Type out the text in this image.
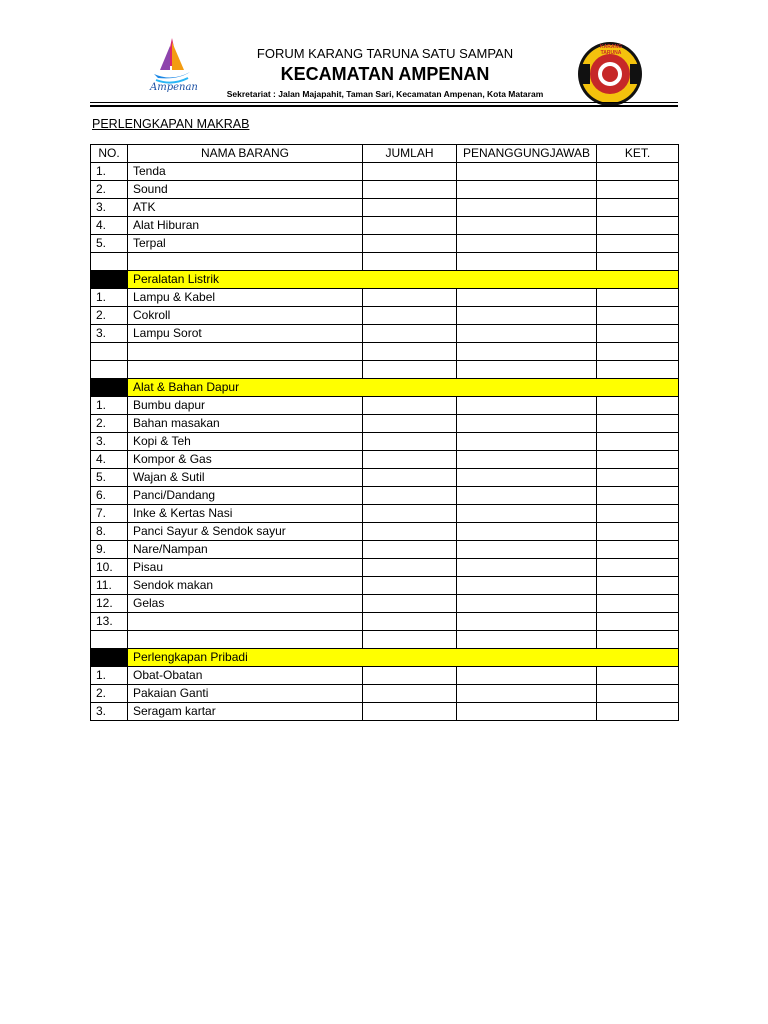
Ampenan
FORUM KARANG TARUNA SATU SAMPAN
KECAMATAN AMPENAN
Sekretariat : Jalan Majapahit, Taman Sari, Kecamatan Ampenan, Kota Mataram
KARANG TARUNA
PERLENGKAPAN MAKRAB
NO.	NAMA BARANG	JUMLAH	PENANGGUNGJAWAB	KET.
1.	Tenda			
2.	Sound			
3.	ATK			
4.	Alat Hiburan			
5.	Terpal			

	Peralatan Listrik			
1.	Lampu & Kabel			
2.	Cokroll			
3.	Lampu Sorot			

	Alat & Bahan Dapur			
1.	Bumbu dapur			
2.	Bahan masakan			
3.	Kopi & Teh			
4.	Kompor & Gas			
5.	Wajan & Sutil			
6.	Panci/Dandang			
7.	Inke & Kertas Nasi			
8.	Panci Sayur & Sendok sayur			
9.	Nare/Nampan			
10.	Pisau			
11.	Sendok makan			
12.	Gelas			
13.				

	Perlengkapan Pribadi			
1.	Obat-Obatan			
2.	Pakaian Ganti			
3.	Seragam kartar			
